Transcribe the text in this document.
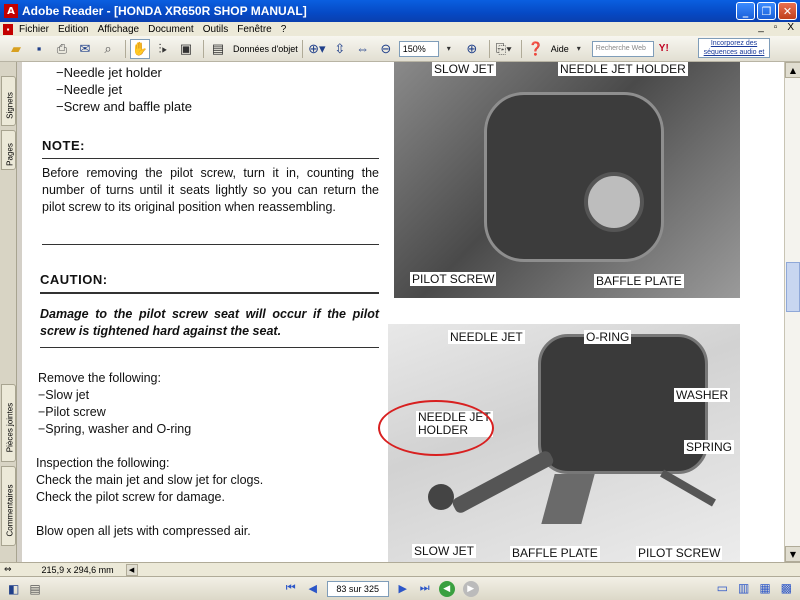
A Adobe Reader - [HONDA XR650R SHOP MANUAL]	_	❐	✕
▪ Fichier Edition Affichage Document Outils Fenêtre ?	_ ▫ X
▰	▪	⎙ ✉	⌕	✋ ⫶▸ ▣ ▤ Données d'objet ⊕▾ ⇳ ⇔ ⊖	150%	▾	⊕	⎘▾ ❓ Aide ▾	Recherche Web	Y!	Incorporez des
séquences audio et
Signets
Pages
Pièces jointes
Commentaires
−Needle jet holder
−Needle jet
−Screw and baffle plate
NOTE:
Before removing the pilot screw, turn it in, counting the number of turns until it seats lightly so you can return the pilot screw to its original position when reassembling.
CAUTION:
Damage to the pilot screw seat will occur if the pilot screw is tightened hard against the seat.
Remove the following:
−Slow jet
−Pilot screw
−Spring, washer and O-ring
Inspection the following:
Check the main jet and slow jet for clogs.
Check the pilot screw for damage.
Blow open all jets with compressed air.
SLOW JET	NEEDLE JET HOLDER
PILOT SCREW	BAFFLE PLATE
NEEDLE JET	O-RING
WASHER
NEEDLE JET
HOLDER
SPRING
SLOW JET	BAFFLE PLATE	PILOT SCREW
▲
▼
⇔	215,9 x 294,6 mm	◀
◧ ▤	⏮	◀	83 sur 325	▶	⏭	◀	▶	▭ ▥ ▦ ▩
